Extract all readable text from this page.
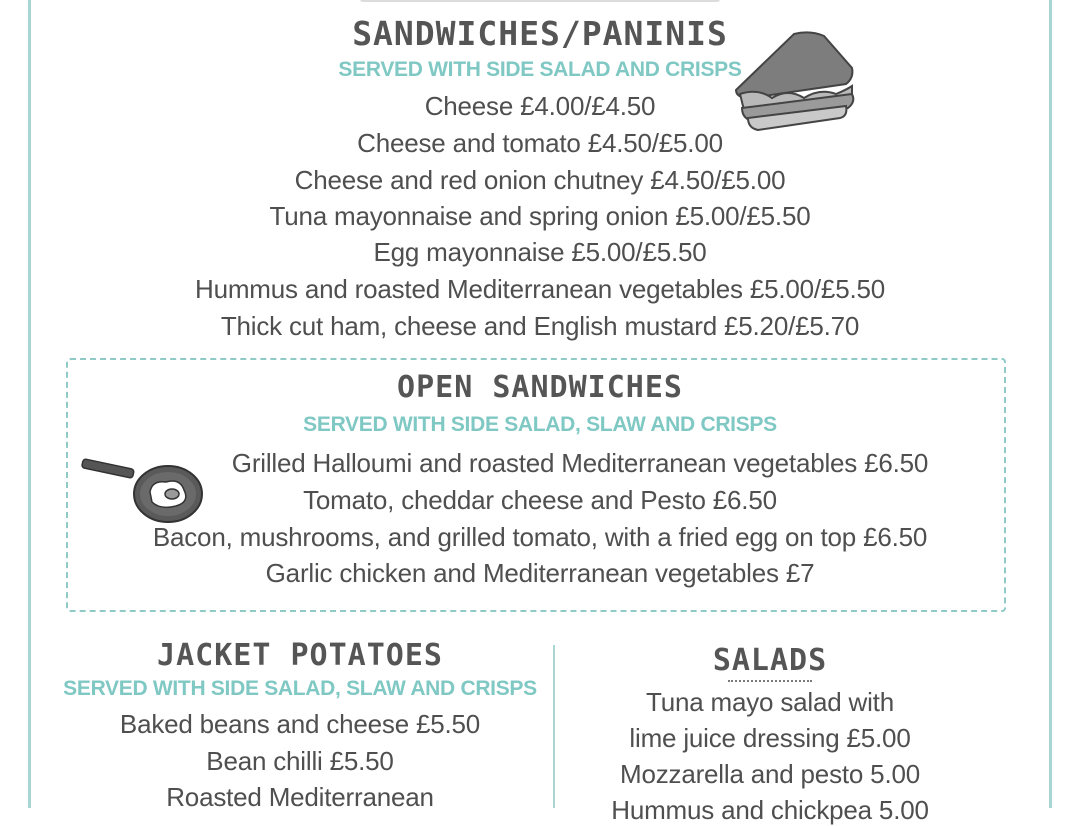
SANDWICHES/PANINIS
SERVED WITH SIDE SALAD AND CRISPS
Cheese £4.00/£4.50
Cheese and tomato £4.50/£5.00
Cheese and red onion chutney £4.50/£5.00
Tuna mayonnaise and spring onion £5.00/£5.50
Egg mayonnaise £5.00/£5.50
Hummus and roasted Mediterranean vegetables £5.00/£5.50
Thick cut ham, cheese and English mustard £5.20/£5.70
OPEN SANDWICHES
SERVED WITH SIDE SALAD, SLAW AND CRISPS
Grilled Halloumi and roasted Mediterranean vegetables £6.50
Tomato, cheddar cheese and Pesto £6.50
Bacon, mushrooms, and grilled tomato, with a fried egg on top £6.50
Garlic chicken and Mediterranean vegetables £7
JACKET POTATOES
SERVED WITH SIDE SALAD, SLAW AND CRISPS
Baked beans and cheese £5.50
Bean chilli £5.50
Roasted Mediterranean
SALADS
Tuna mayo salad with
lime juice dressing £5.00
Mozzarella and pesto 5.00
Hummus and chickpea 5.00
